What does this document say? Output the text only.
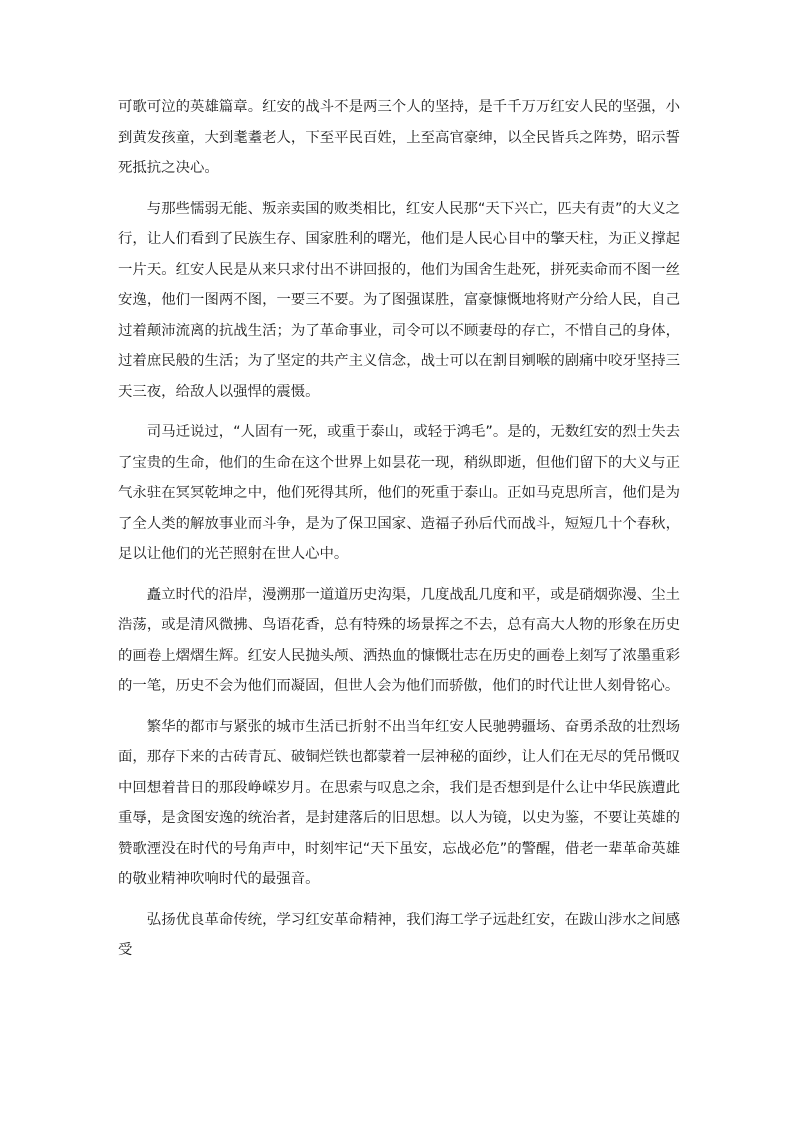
可歌可泣的英雄篇章。红安的战斗不是两三个人的坚持，是千千万万红安人民的坚强，小到黄发孩童，大到耄耋老人，下至平民百姓，上至高官豪绅，以全民皆兵之阵势，昭示誓死抵抗之决心。

与那些懦弱无能、叛亲卖国的败类相比，红安人民那“天下兴亡，匹夫有责”的大义之行，让人们看到了民族生存、国家胜利的曙光，他们是人民心目中的擎天柱，为正义撑起一片天。红安人民是从来只求付出不讲回报的，他们为国舍生赴死，拼死卖命而不图一丝安逸，他们一图两不图，一要三不要。为了图强谋胜，富豪慷慨地将财产分给人民，自己过着颠沛流离的抗战生活；为了革命事业，司令可以不顾妻母的存亡，不惜自己的身体，过着庶民般的生活；为了坚定的共产主义信念，战士可以在割目剜喉的剧痛中咬牙坚持三天三夜，给敌人以强悍的震慑。

司马迁说过，“人固有一死，或重于泰山，或轻于鸿毛”。是的，无数红安的烈士失去了宝贵的生命，他们的生命在这个世界上如昙花一现，稍纵即逝，但他们留下的大义与正气永驻在冥冥乾坤之中，他们死得其所，他们的死重于泰山。正如马克思所言，他们是为了全人类的解放事业而斗争，是为了保卫国家、造福子孙后代而战斗，短短几十个春秋，足以让他们的光芒照射在世人心中。

矗立时代的沿岸，漫溯那一道道历史沟渠，几度战乱几度和平，或是硝烟弥漫、尘土浩荡，或是清风微拂、鸟语花香，总有特殊的场景挥之不去，总有高大人物的形象在历史的画卷上熠熠生辉。红安人民抛头颅、洒热血的慷慨壮志在历史的画卷上刻写了浓墨重彩的一笔，历史不会为他们而凝固，但世人会为他们而骄傲，他们的时代让世人刻骨铭心。

繁华的都市与紧张的城市生活已折射不出当年红安人民驰骋疆场、奋勇杀敌的壮烈场面，那存下来的古砖青瓦、破铜烂铁也都蒙着一层神秘的面纱，让人们在无尽的凭吊慨叹中回想着昔日的那段峥嵘岁月。在思索与叹息之余，我们是否想到是什么让中华民族遭此重辱，是贪图安逸的统治者，是封建落后的旧思想。以人为镜，以史为鉴，不要让英雄的赞歌湮没在时代的号角声中，时刻牢记“天下虽安，忘战必危”的警醒，借老一辈革命英雄的敬业精神吹响时代的最强音。

弘扬优良革命传统，学习红安革命精神，我们海工学子远赴红安，在跋山涉水之间感受
